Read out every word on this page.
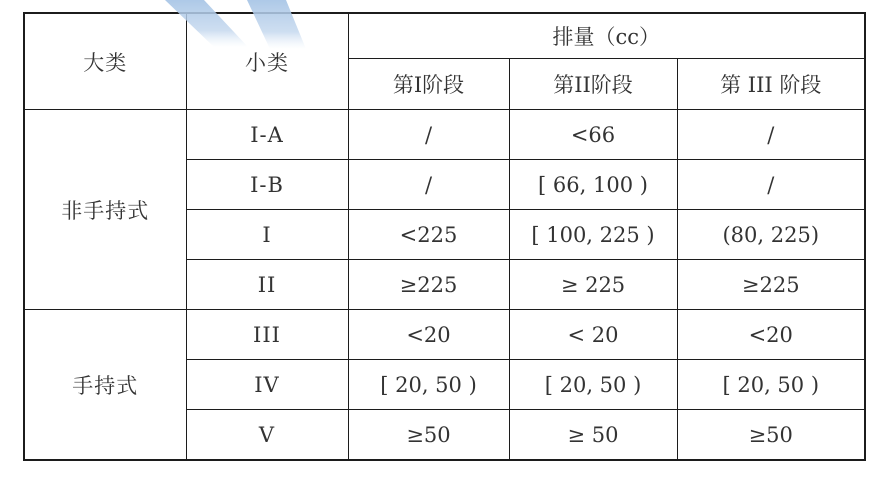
大类	小类	排量（cc）		
		第I阶段	第II阶段	第 III 阶段
非手持式	I-A	/	<66	/
	I-B	/	[ 66, 100 )	/
	I	<225	[ 100, 225 )	(80, 225)
	II	≥225	≥ 225	≥225
手持式	III	<20	< 20	<20
	IV	[ 20, 50 )	[ 20, 50 )	[ 20, 50 )
	V	≥50	≥ 50	≥50
